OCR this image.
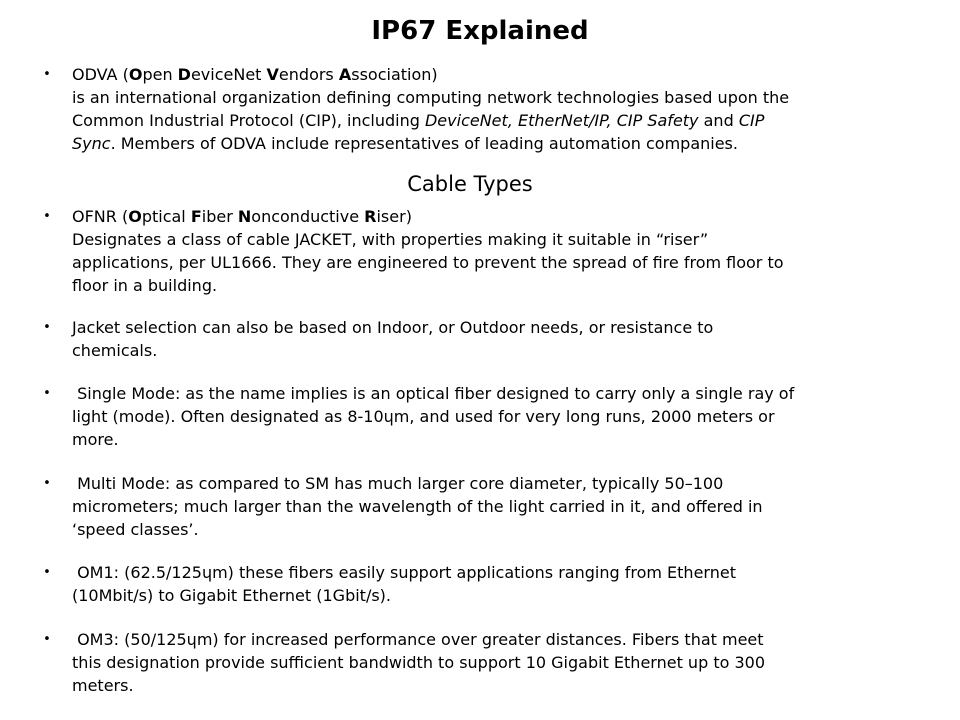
IP67 Explained
• ODVA (Open DeviceNet Vendors Association)
is an international organization defining computing network technologies based upon the
Common Industrial Protocol (CIP), including DeviceNet, EtherNet/IP, CIP Safety and CIP
Sync. Members of ODVA include representatives of leading automation companies.
Cable Types
• OFNR (Optical Fiber Nonconductive Riser)
Designates a class of cable JACKET, with properties making it suitable in “riser”
applications, per UL1666. They are engineered to prevent the spread of fire from floor to
floor in a building.
• Jacket selection can also be based on Indoor, or Outdoor needs, or resistance to
chemicals.
• Single Mode: as the name implies is an optical fiber designed to carry only a single ray of
light (mode). Often designated as 8-10ɥm, and used for very long runs, 2000 meters or
more.
• Multi Mode: as compared to SM has much larger core diameter, typically 50–100
micrometers; much larger than the wavelength of the light carried in it, and offered in
‘speed classes’.
• OM1: (62.5/125ɥm) these fibers easily support applications ranging from Ethernet
(10Mbit/s) to Gigabit Ethernet (1Gbit/s).
• OM3: (50/125ɥm) for increased performance over greater distances. Fibers that meet
this designation provide sufficient bandwidth to support 10 Gigabit Ethernet up to 300
meters.
